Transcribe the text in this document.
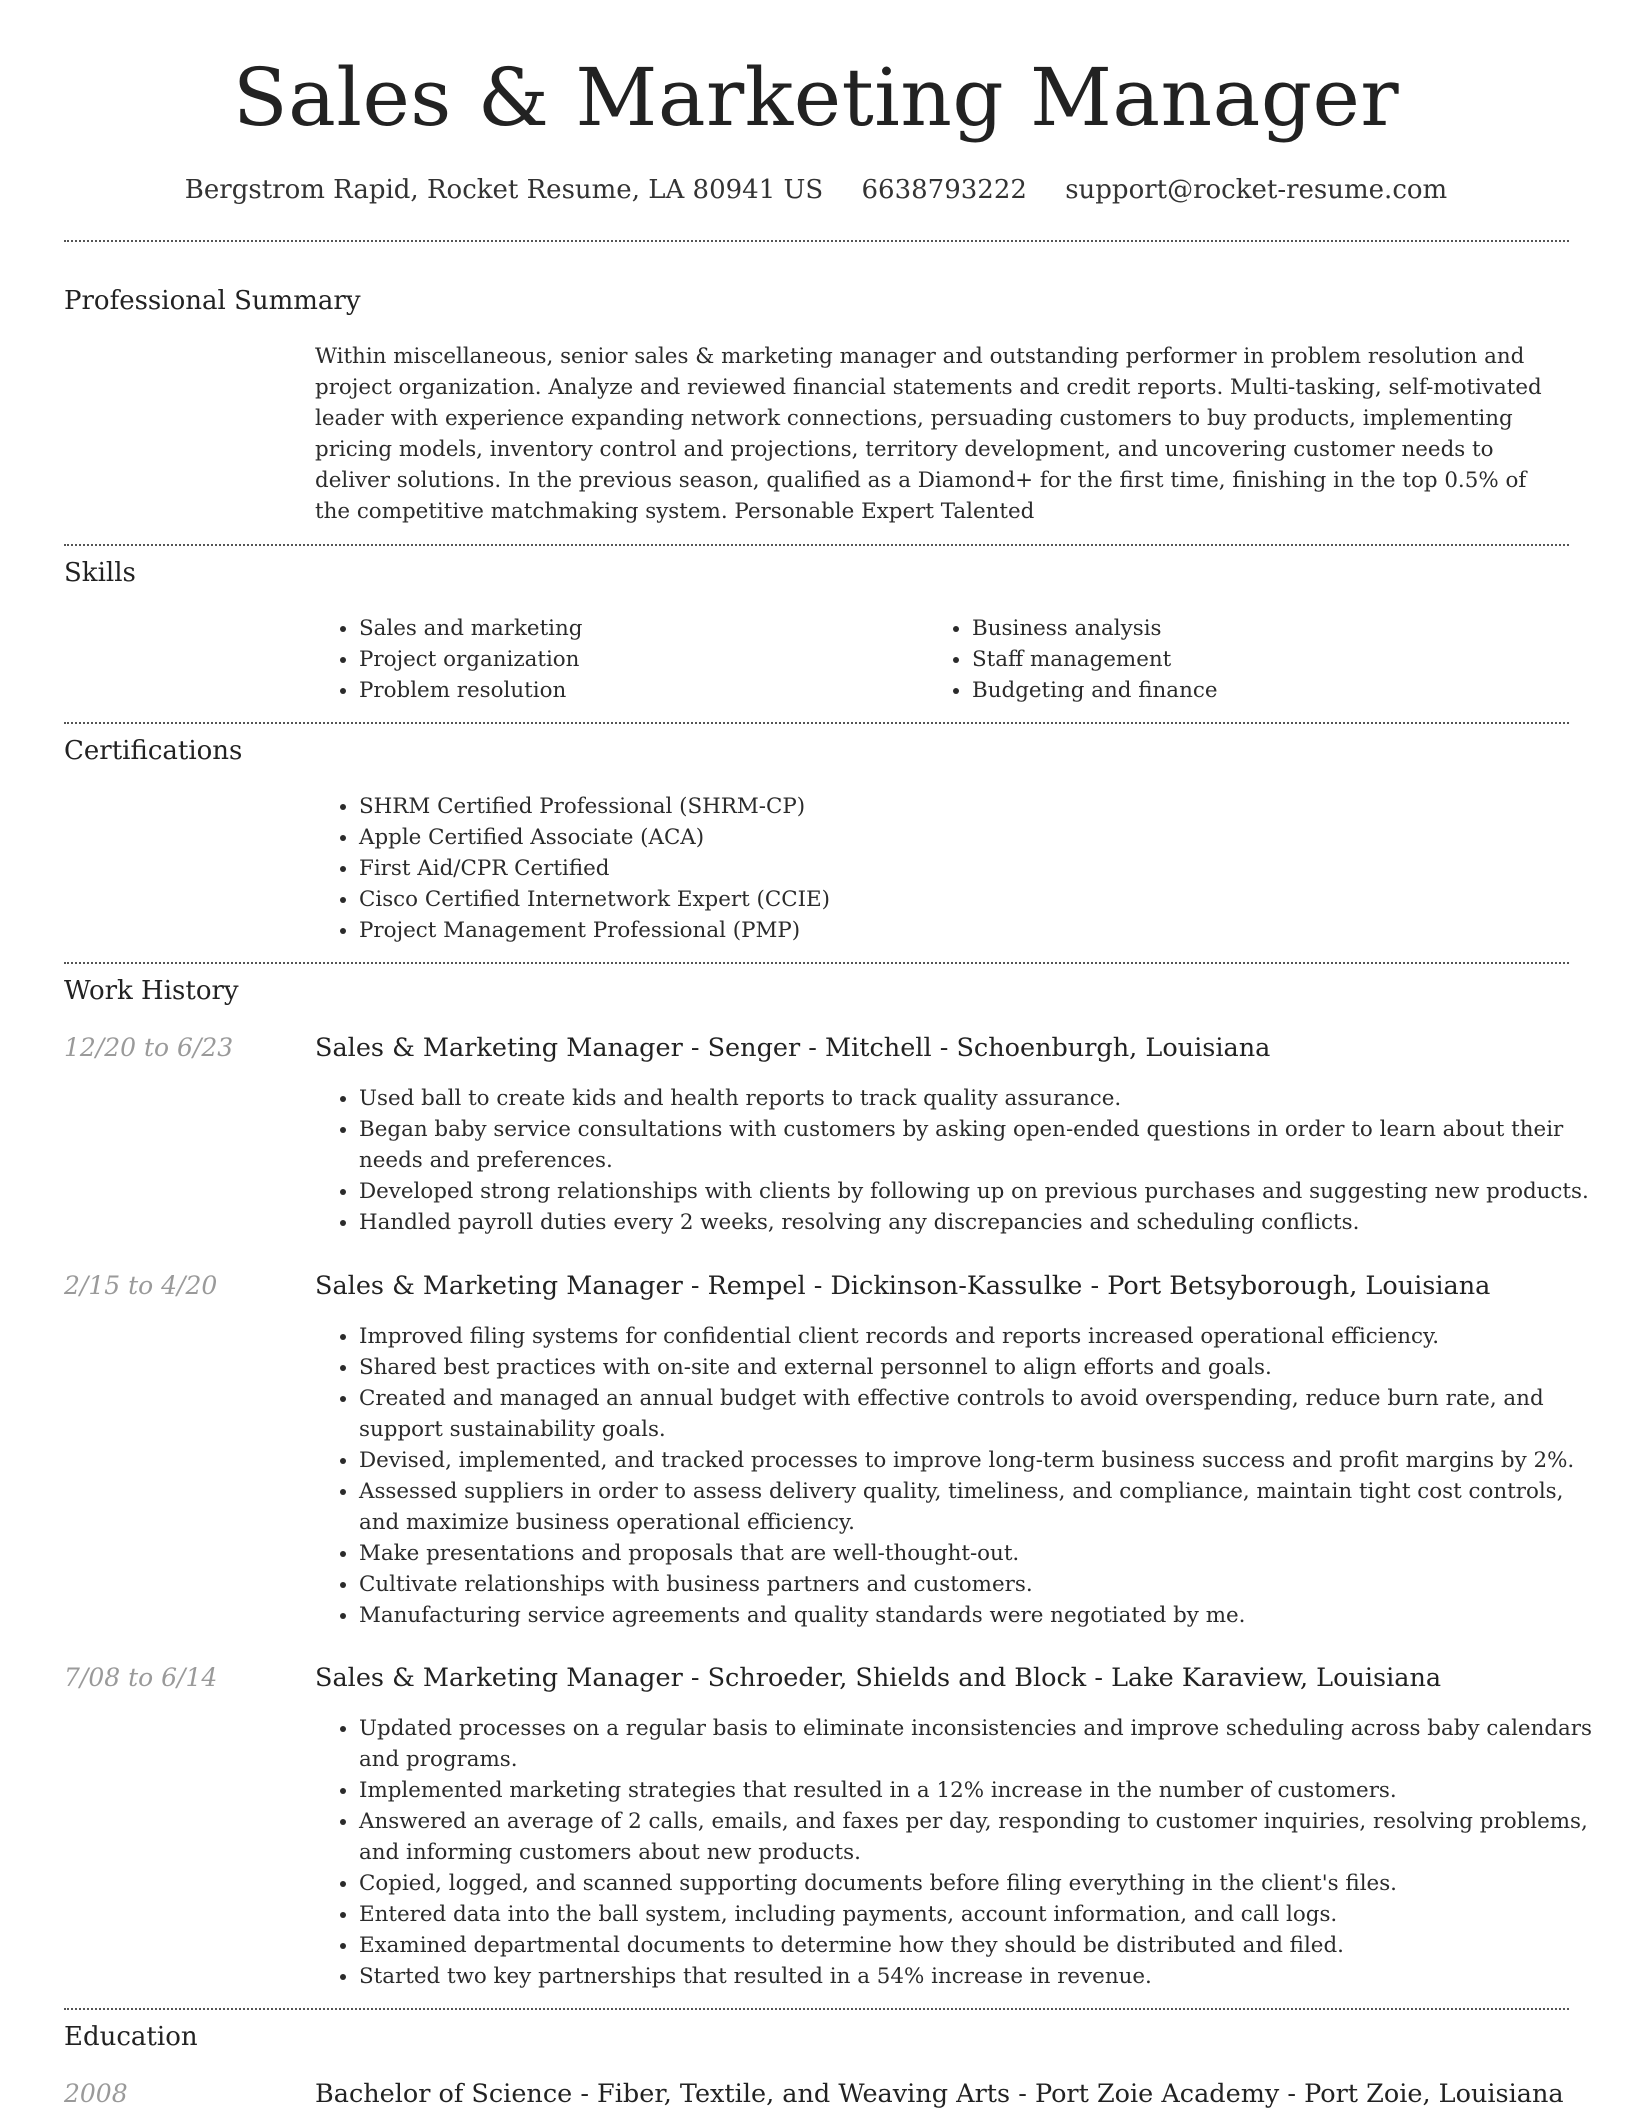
Sales & Marketing Manager
Bergstrom Rapid, Rocket Resume, LA 80941 US 6638793222 support@rocket-resume.com
Professional Summary

Within miscellaneous, senior sales & marketing manager and outstanding performer in problem resolution and project organization. Analyze and reviewed financial statements and credit reports. Multi-tasking, self-motivated leader with experience expanding network connections, persuading customers to buy products, implementing pricing models, inventory control and projections, territory development, and uncovering customer needs to deliver solutions. In the previous season, qualified as a Diamond+ for the first time, finishing in the top 0.5% of the competitive matchmaking system. Personable Expert Talented

Skills
• Sales and marketing
• Project organization
• Problem resolution
• Business analysis
• Staff management
• Budgeting and finance
Certifications
• SHRM Certified Professional (SHRM-CP)
• Apple Certified Associate (ACA)
• First Aid/CPR Certified
• Cisco Certified Internetwork Expert (CCIE)
• Project Management Professional (PMP)
Work History
12/20 to 6/23	Sales & Marketing Manager - Senger - Mitchell - Schoenburgh, Louisiana
• Used ball to create kids and health reports to track quality assurance.
• Began baby service consultations with customers by asking open-ended questions in order to learn about their needs and preferences.
• Developed strong relationships with clients by following up on previous purchases and suggesting new products.
• Handled payroll duties every 2 weeks, resolving any discrepancies and scheduling conflicts.
2/15 to 4/20	Sales & Marketing Manager - Rempel - Dickinson-Kassulke - Port Betsyborough, Louisiana
• Improved filing systems for confidential client records and reports increased operational efficiency.
• Shared best practices with on-site and external personnel to align efforts and goals.
• Created and managed an annual budget with effective controls to avoid overspending, reduce burn rate, and support sustainability goals.
• Devised, implemented, and tracked processes to improve long-term business success and profit margins by 2%.
• Assessed suppliers in order to assess delivery quality, timeliness, and compliance, maintain tight cost controls, and maximize business operational efficiency.
• Make presentations and proposals that are well-thought-out.
• Cultivate relationships with business partners and customers.
• Manufacturing service agreements and quality standards were negotiated by me.
7/08 to 6/14	Sales & Marketing Manager - Schroeder, Shields and Block - Lake Karaview, Louisiana
• Updated processes on a regular basis to eliminate inconsistencies and improve scheduling across baby calendars and programs.
• Implemented marketing strategies that resulted in a 12% increase in the number of customers.
• Answered an average of 2 calls, emails, and faxes per day, responding to customer inquiries, resolving problems, and informing customers about new products.
• Copied, logged, and scanned supporting documents before filing everything in the client's files.
• Entered data into the ball system, including payments, account information, and call logs.
• Examined departmental documents to determine how they should be distributed and filed.
• Started two key partnerships that resulted in a 54% increase in revenue.
Education
2008	Bachelor of Science - Fiber, Textile, and Weaving Arts - Port Zoie Academy - Port Zoie, Louisiana
